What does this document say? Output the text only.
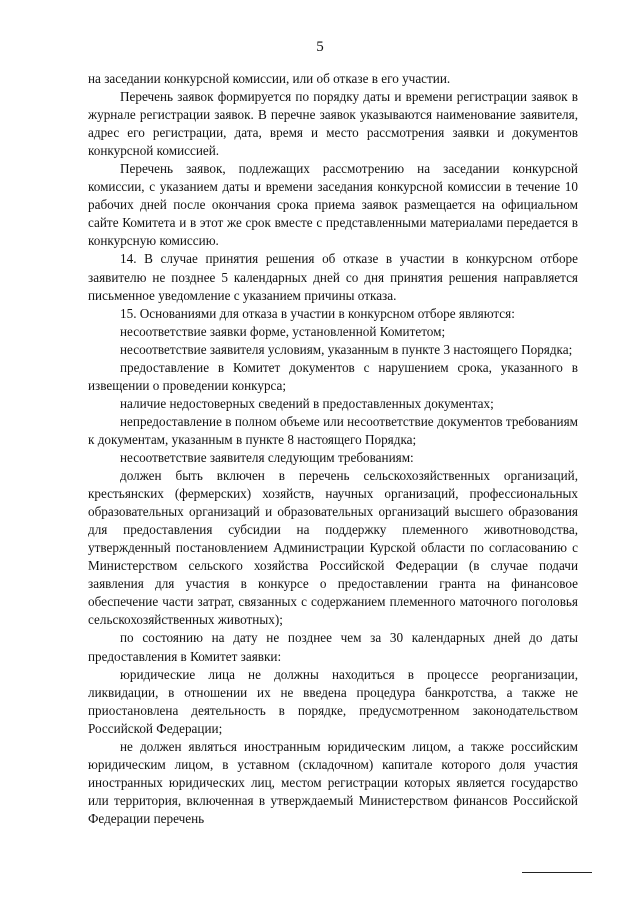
5

на заседании конкурсной комиссии, или об отказе в его участии.

Перечень заявок формируется по порядку даты и времени регистрации заявок в журнале регистрации заявок. В перечне заявок указываются наименование заявителя, адрес его регистрации, дата, время и место рассмотрения заявки и документов конкурсной комиссией.

Перечень заявок, подлежащих рассмотрению на заседании конкурсной комиссии, с указанием даты и времени заседания конкурсной комиссии в течение 10 рабочих дней после окончания срока приема заявок размещается на официальном сайте Комитета и в этот же срок вместе с представленными материалами передается в конкурсную комиссию.

14. В случае принятия решения об отказе в участии в конкурсном отборе заявителю не позднее 5 календарных дней со дня принятия решения направляется письменное уведомление с указанием причины отказа.

15. Основаниями для отказа в участии в конкурсном отборе являются:

несоответствие заявки форме, установленной Комитетом;

несоответствие заявителя условиям, указанным в пункте 3 настоящего Порядка;

предоставление в Комитет документов с нарушением срока, указанного в извещении о проведении конкурса;

наличие недостоверных сведений в предоставленных документах;

непредоставление в полном объеме или несоответствие документов требованиям к документам, указанным в пункте 8 настоящего Порядка;

несоответствие заявителя следующим требованиям:

должен быть включен в перечень сельскохозяйственных организаций, крестьянских (фермерских) хозяйств, научных организаций, профессиональных образовательных организаций и образовательных организаций высшего образования для предоставления субсидии на поддержку племенного животноводства, утвержденный постановлением Администрации Курской области по согласованию с Министерством сельского хозяйства Российской Федерации (в случае подачи заявления для участия в конкурсе о предоставлении гранта на финансовое обеспечение части затрат, связанных с содержанием племенного маточного поголовья сельскохозяйственных животных);

по состоянию на дату не позднее чем за 30 календарных дней до даты предоставления в Комитет заявки:

юридические лица не должны находиться в процессе реорганизации, ликвидации, в отношении их не введена процедура банкротства, а также не приостановлена деятельность в порядке, предусмотренном законодательством Российской Федерации;

не должен являться иностранным юридическим лицом, а также российским юридическим лицом, в уставном (складочном) капитале которого доля участия иностранных юридических лиц, местом регистрации которых является государство или территория, включенная в утверждаемый Министерством финансов Российской Федерации перечень
